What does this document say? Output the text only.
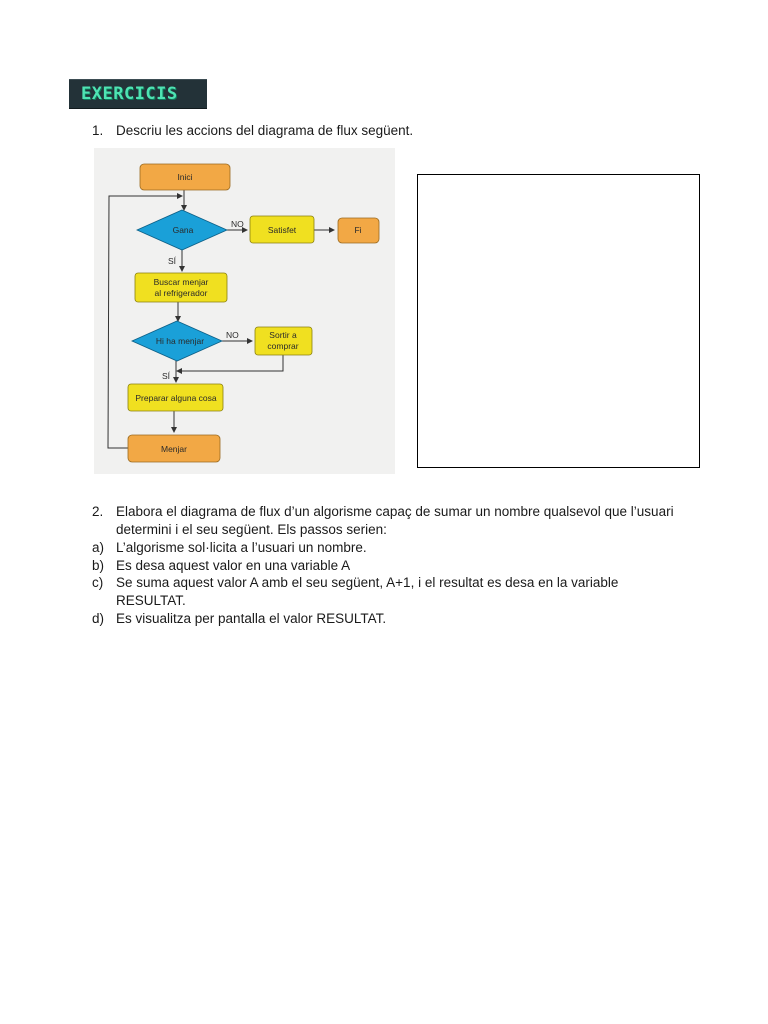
EXERCICIS
1. Descriu les accions del diagrama de flux següent.
Inici
Gana	Satisfet	Fi
Buscar menjar
al refrigerador
Hi ha menjar
Sortir a
comprar
Preparar alguna cosa
Menjar
NO
SÍ
NO
SÍ
2. Elabora el diagrama de flux d’un algorisme capaç de sumar un nombre qualsevol que l’usuari
determini i el seu següent. Els passos serien:
a) L’algorisme sol·licita a l’usuari un nombre.
b) Es desa aquest valor en una variable A
c) Se suma aquest valor A amb el seu següent, A+1, i el resultat es desa en la variable
RESULTAT.
d) Es visualitza per pantalla el valor RESULTAT.
